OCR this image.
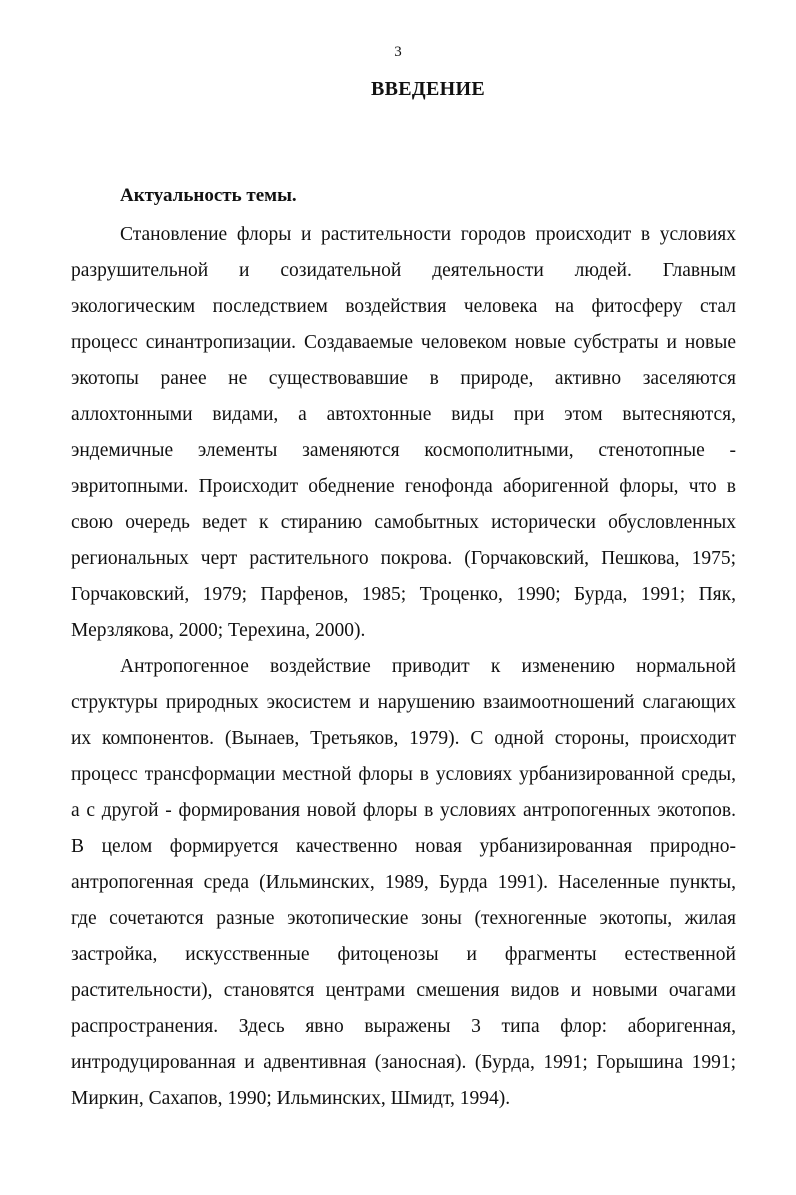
3
ВВЕДЕНИЕ
Актуальность темы.
Становление флоры и растительности городов происходит в условиях
разрушительной и созидательной деятельности людей. Главным
экологическим последствием воздействия человека на фитосферу стал
процесс синантропизации. Создаваемые человеком новые субстраты и новые
экотопы ранее не существовавшие в природе, активно заселяются
аллохтонными видами, а автохтонные виды при этом вытесняются,
эндемичные элементы заменяются космополитными, стенотопные -
эвритопными. Происходит обеднение генофонда аборигенной флоры, что в
свою очередь ведет к стиранию самобытных исторически обусловленных
региональных черт растительного покрова. (Горчаковский, Пешкова, 1975;
Горчаковский, 1979; Парфенов, 1985; Троценко, 1990; Бурда, 1991; Пяк,
Мерзлякова, 2000; Терехина, 2000).
Антропогенное воздействие приводит к изменению нормальной
структуры природных экосистем и нарушению взаимоотношений слагающих
их компонентов. (Вынаев, Третьяков, 1979). С одной стороны, происходит
процесс трансформации местной флоры в условиях урбанизированной среды,
а с другой - формирования новой флоры в условиях антропогенных экотопов.
В целом формируется качественно новая урбанизированная природно-
антропогенная среда (Ильминских, 1989, Бурда 1991). Населенные пункты,
где сочетаются разные экотопические зоны (техногенные экотопы, жилая
застройка, искусственные фитоценозы и фрагменты естественной
растительности), становятся центрами смешения видов и новыми очагами
распространения. Здесь явно выражены 3 типа флор: аборигенная,
интродуцированная и адвентивная (заносная). (Бурда, 1991; Горышина 1991;
Миркин, Сахапов, 1990; Ильминских, Шмидт, 1994).
